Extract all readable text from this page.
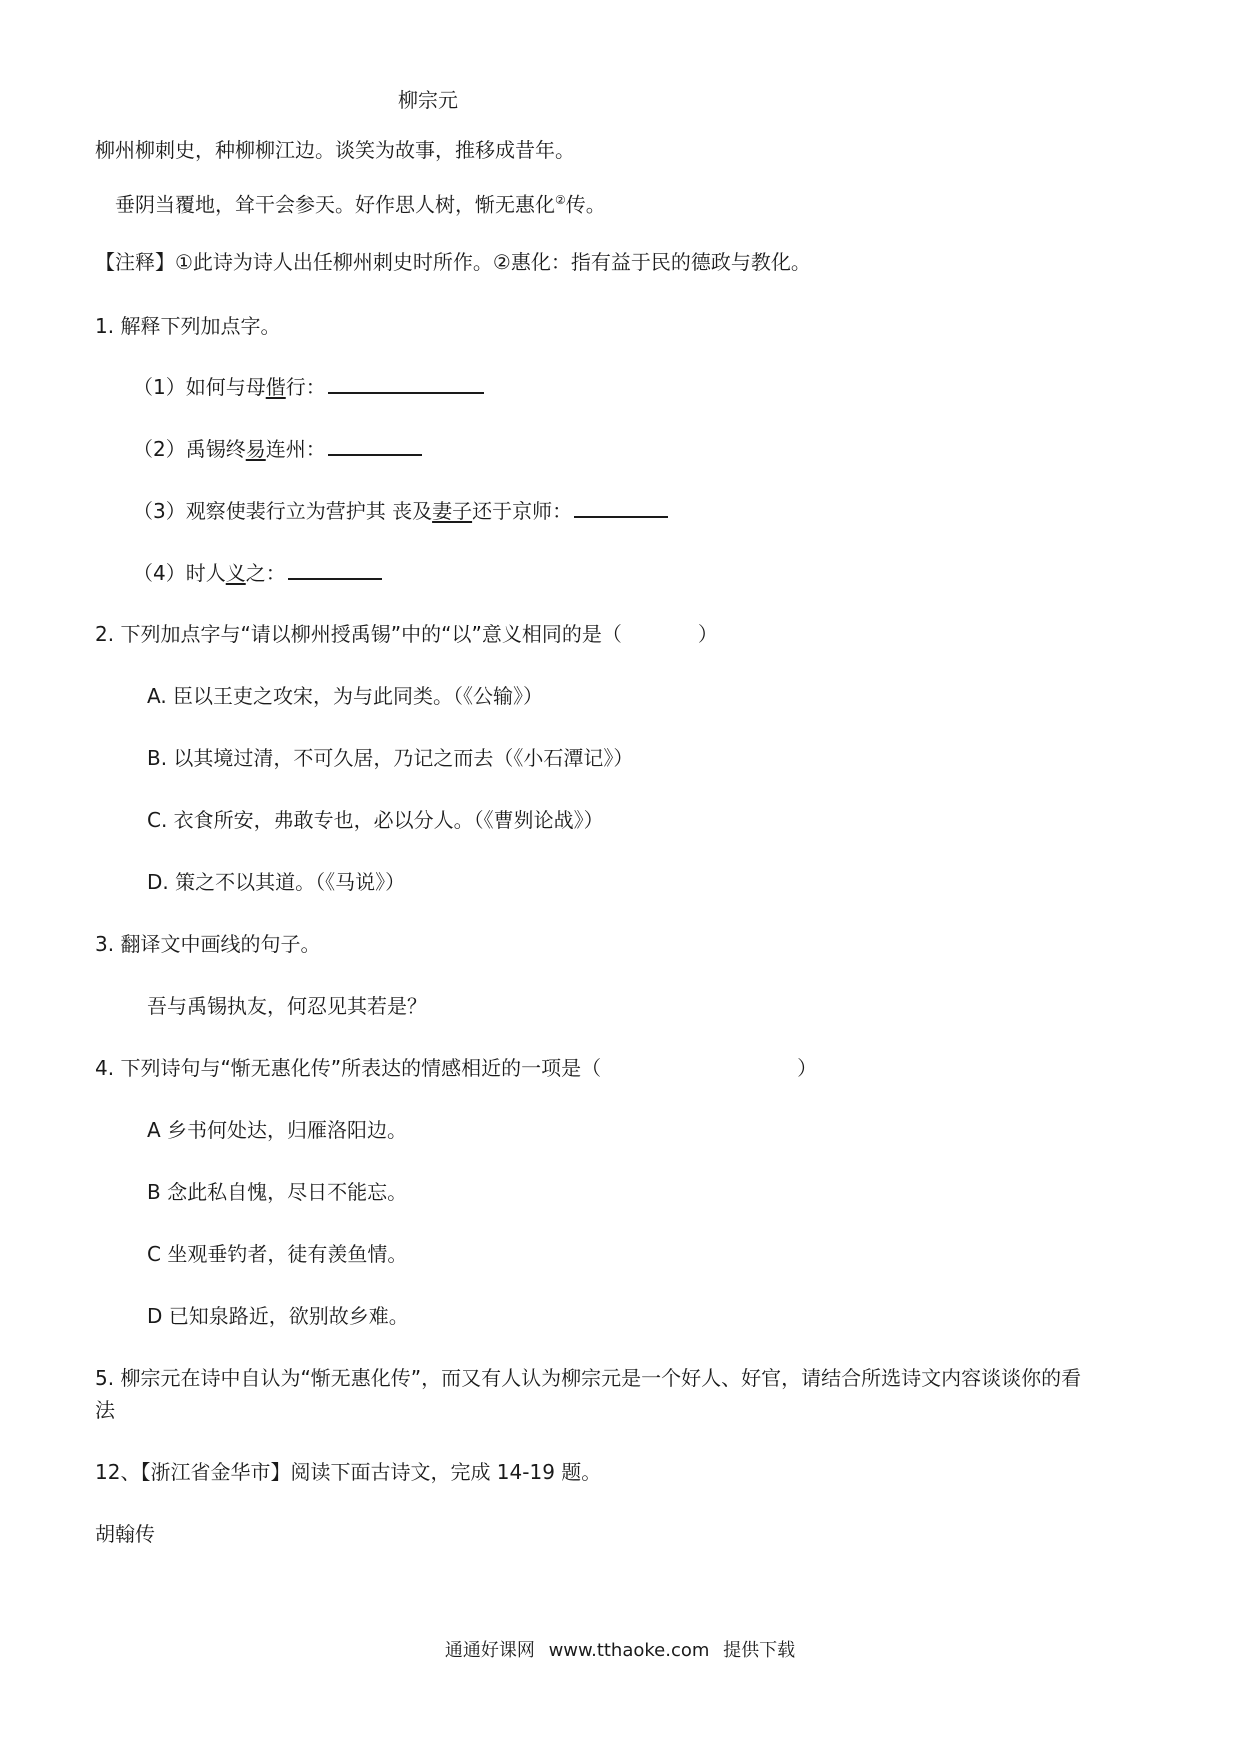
柳宗元
柳州柳刺史，种柳柳江边。谈笑为故事，推移成昔年。
垂阴当覆地，耸干会参天。好作思人树，惭无惠化②传。
【注释】①此诗为诗人出任柳州刺史时所作。②惠化：指有益于民的德政与教化。
1. 解释下列加点字。
（1）如何与母偕行：
（2）禹锡终易连州：
（3）观察使裴行立为营护其 丧及妻子还于京师：
（4）时人义之：
2. 下列加点字与“请以柳州授禹锡”中的“以”意义相同的是（	）
A. 臣以王吏之攻宋，为与此同类。（《公输》）
B. 以其境过清，不可久居，乃记之而去（《小石潭记》）
C. 衣食所安，弗敢专也，必以分人。（《曹刿论战》）
D. 策之不以其道。（《马说》）
3. 翻译文中画线的句子。
吾与禹锡执友，何忍见其若是？
4. 下列诗句与“惭无惠化传”所表达的情感相近的一项是（	）
A 乡书何处达，归雁洛阳边。
B 念此私自愧，尽日不能忘。
C 坐观垂钓者，徒有羡鱼情。
D 已知泉路近，欲别故乡难。
5. 柳宗元在诗中自认为“惭无惠化传”，而又有人认为柳宗元是一个好人、好官，请结合所选诗文内容谈谈你的看
法
12、【浙江省金华市】阅读下面古诗文，完成 14-19 题。
胡翰传
通通好课网 www.tthaoke.com 提供下载
